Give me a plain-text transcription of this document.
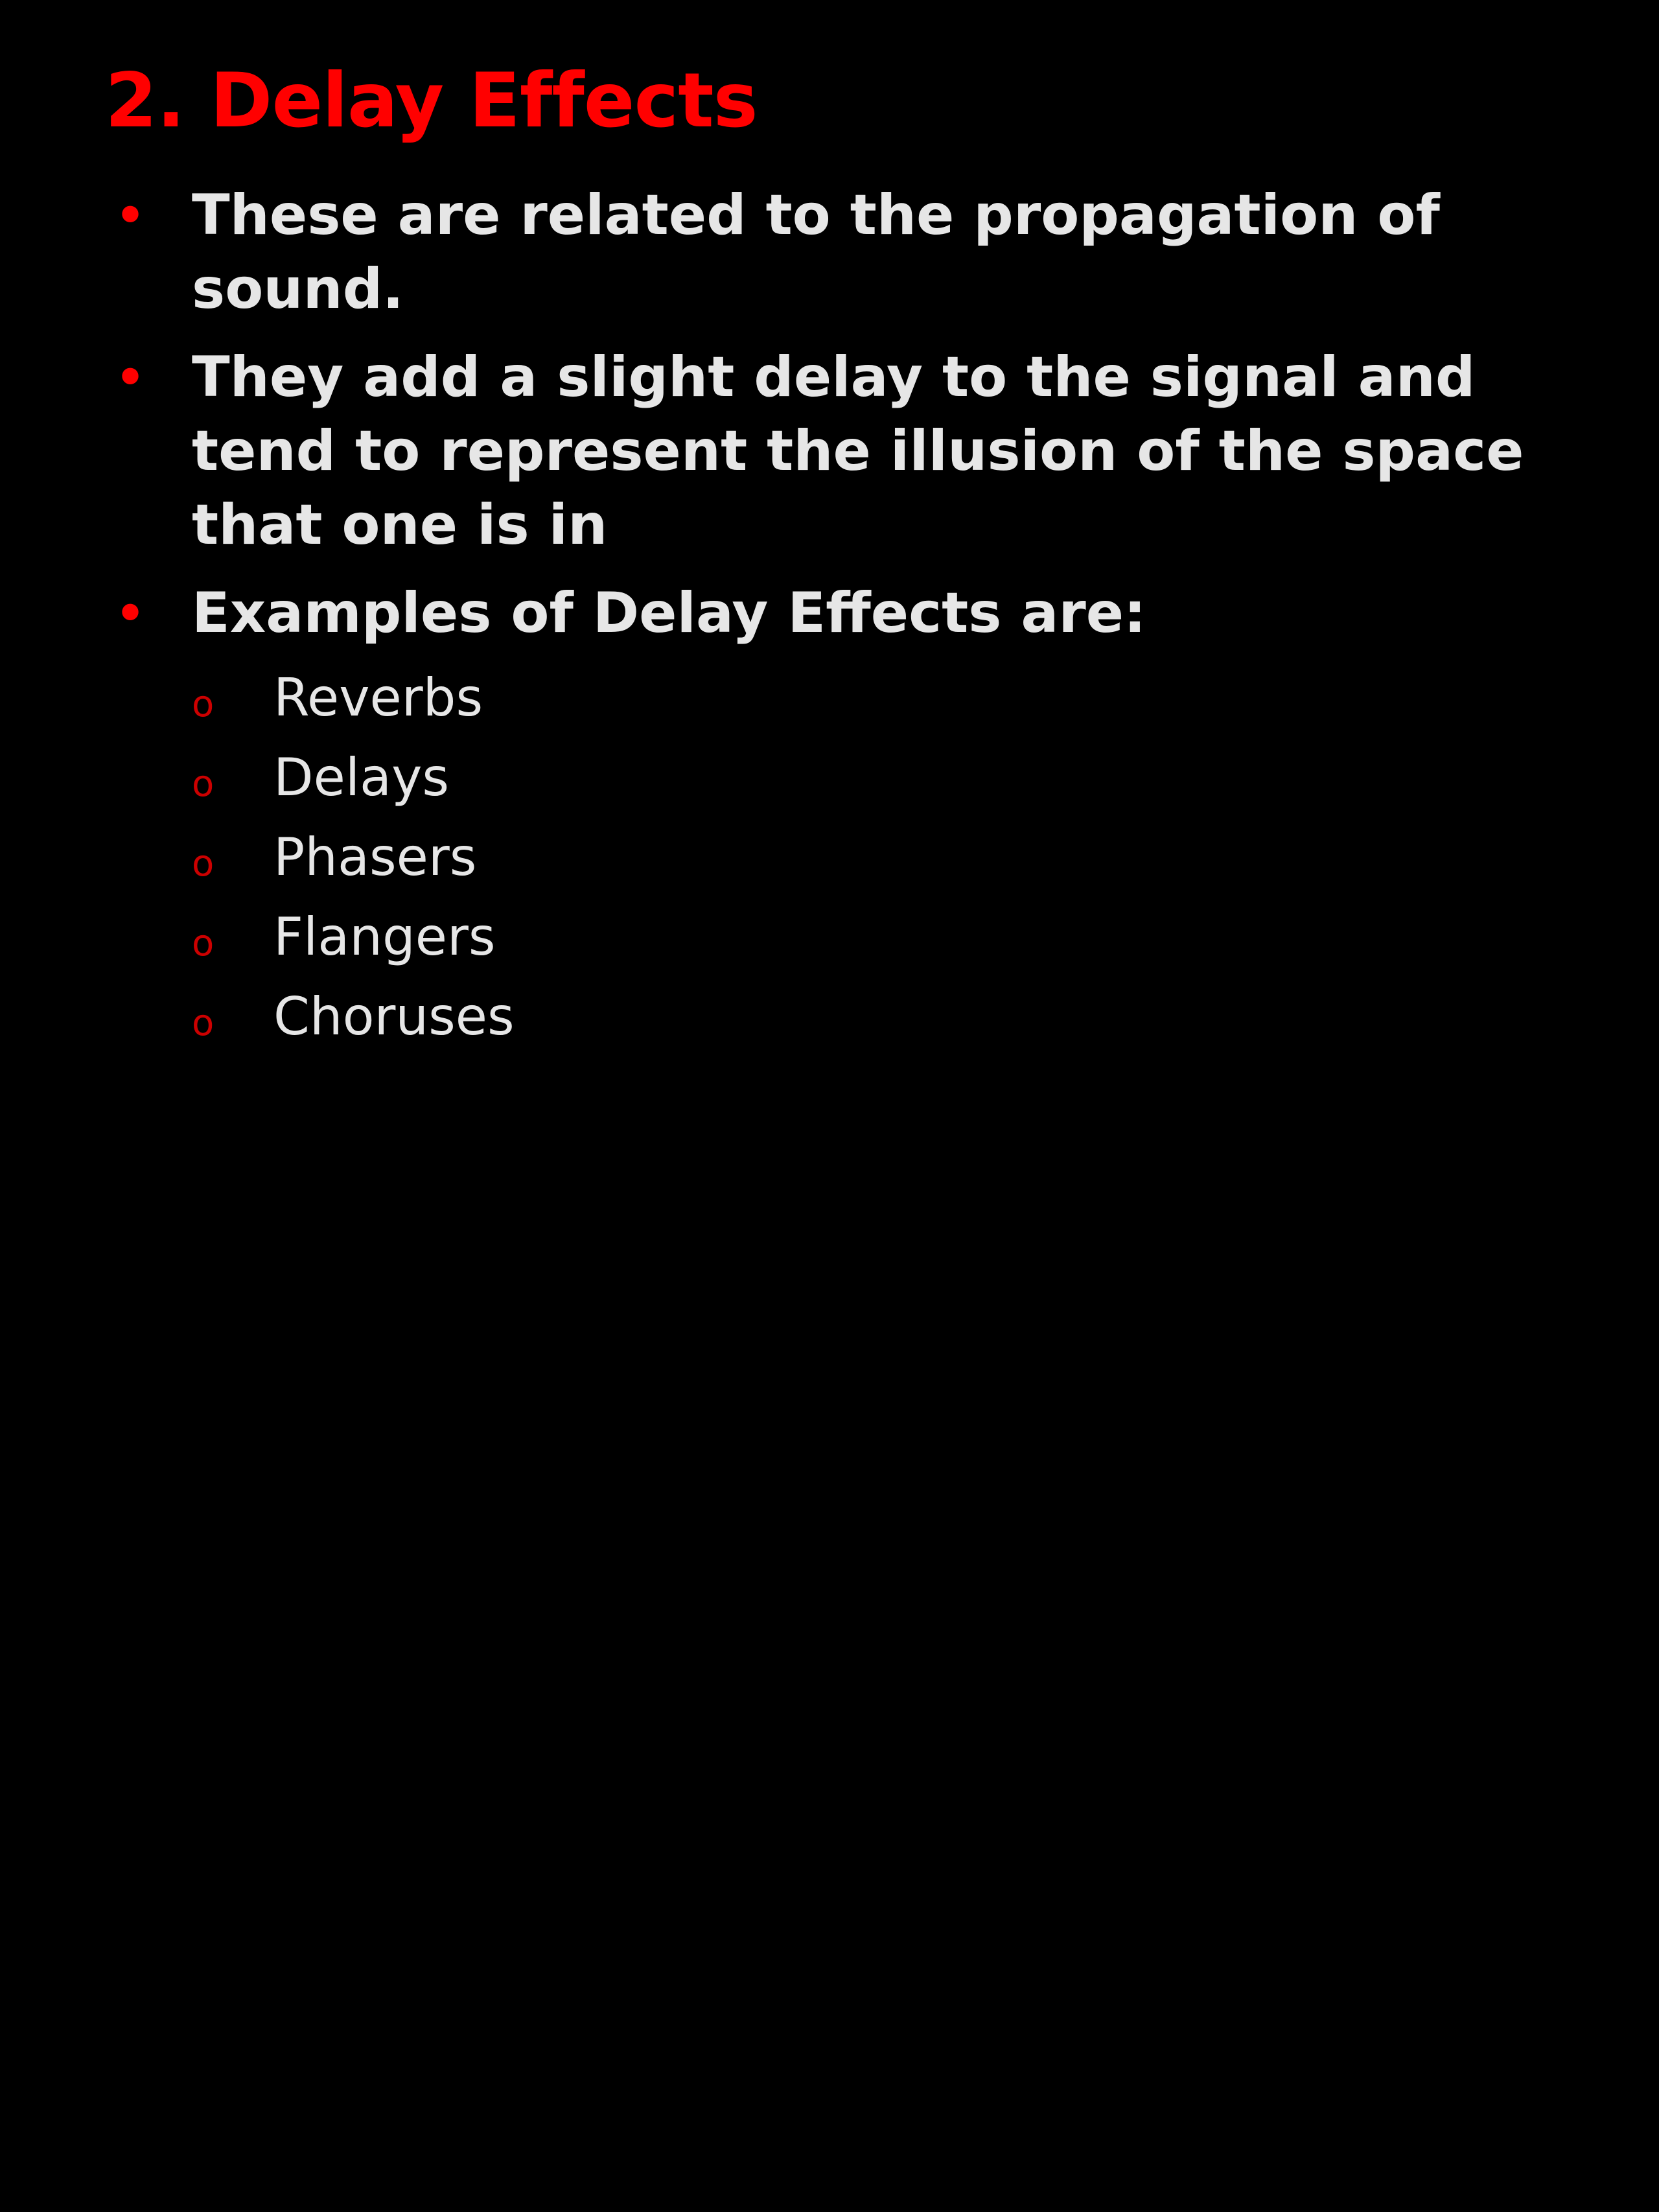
2. Delay Effects
• These are related to the propagation of sound.
• They add a slight delay to the signal and tend to represent the illusion of the space that one is in
• Examples of Delay Effects are:
o Reverbs
o Delays
o Phasers
o Flangers
o Choruses
